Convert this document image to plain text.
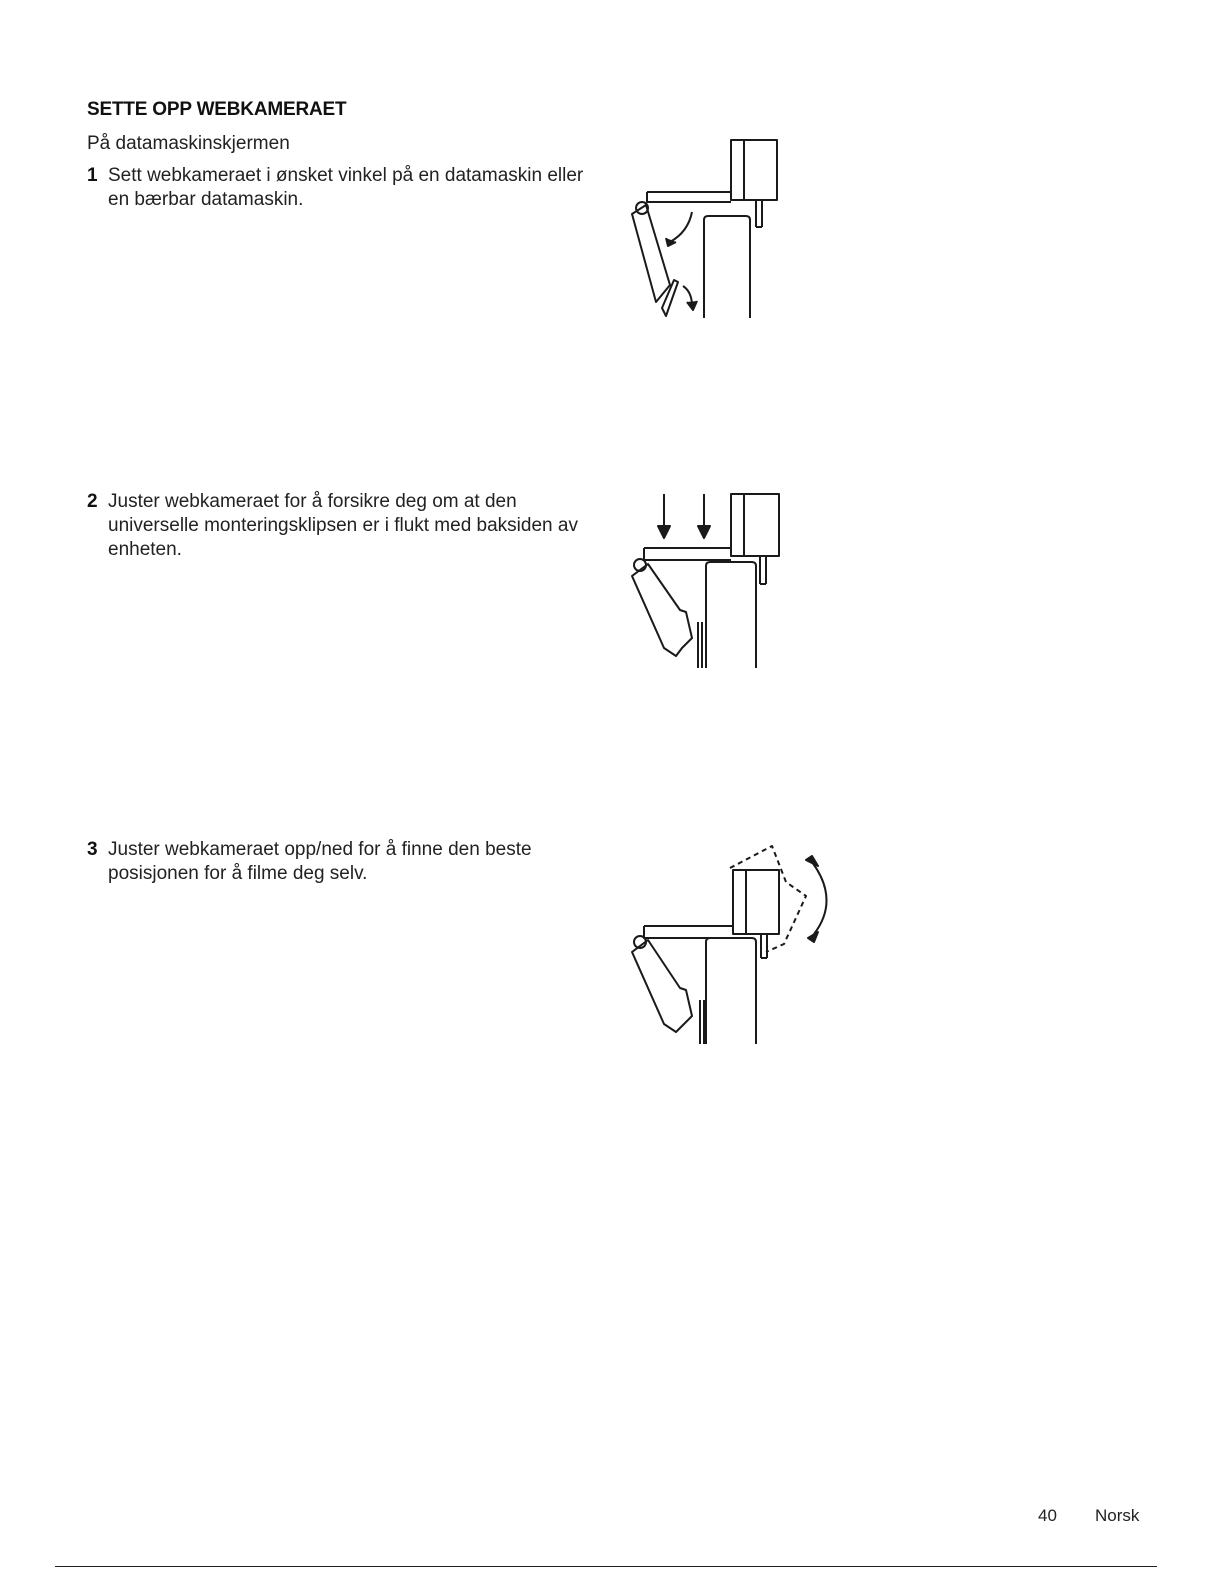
SETTE OPP WEBKAMERAET
På datamaskinskjermen
1 Sett webkameraet i ønsket vinkel på en datamaskin eller en bærbar datamaskin.
2 Juster webkameraet for å forsikre deg om at den universelle monteringsklipsen er i flukt med baksiden av enheten.
3 Juster webkameraet opp/ned for å finne den beste posisjonen for å filme deg selv.
40 Norsk
